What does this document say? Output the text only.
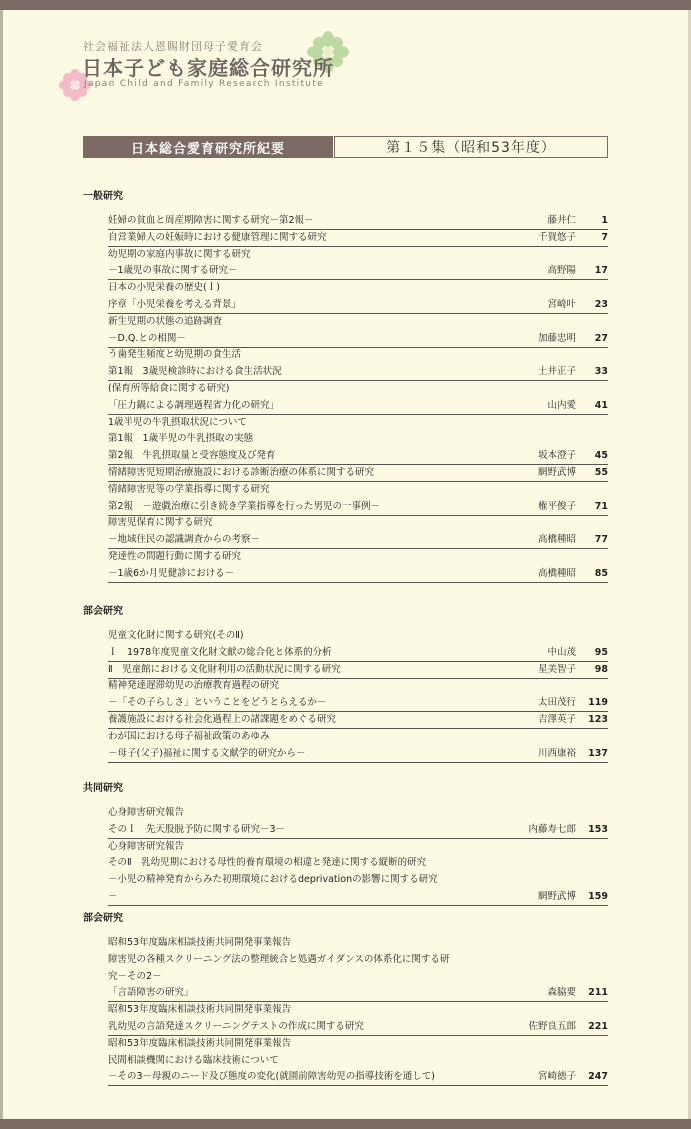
社会福祉法人恩賜財団母子愛育会
日本子ども家庭総合研究所
Japan Child and Family Research Institute
日本総合愛育研究所紀要	第１５集（昭和53年度）
一般研究
妊婦の貧血と周産期障害に関する研究－第2報－	藤井仁	1
自営業婦人の妊娠時における健康管理に関する研究	千賀悠子	7
幼児期の家庭内事故に関する研究
－1歳児の事故に関する研究－	高野陽	17
日本の小児栄養の歴史(Ｉ)
序章「小児栄養を考える背景」	宮崎叶	23
新生児期の状態の追跡調査
－D.Q.との相関－	加藤忠明	27
う歯発生頻度と幼児期の食生活
第1報　3歳児検診時における食生活状況	土井正子	33
(保育所等給食に関する研究)
「圧力鍋による調理過程省力化の研究」	山内愛	41
1歳半児の牛乳摂取状況について
第1報　1歳半児の牛乳摂取の実態
第2報　牛乳摂取量と受容態度及び発育	坂本澄子	45
情緒障害児短期治療施設における診断治療の体系に関する研究	網野武博	55
情緒障害児等の学業指導に関する研究
第2報　－遊戯治療に引き続き学業指導を行った男児の一事例－	権平俊子	71
障害児保育に関する研究
－地域住民の認識調査からの考察－	高橋種昭	77
発達性の問題行動に関する研究
－1歳6か月児健診における－	高橋種昭	85
部会研究
児童文化財に関する研究(そのⅡ)
Ｉ　1978年度児童文化財文献の総合化と体系的分析	中山茂	95
Ⅱ　児童館における文化財利用の活動状況に関する研究	星美智子	98
精神発達遅滞幼児の治療教育過程の研究
－「その子らしさ」ということをどうとらえるか－	太田茂行	119
養護施設における社会化過程上の諸課題をめぐる研究	吉澤英子	123
わが国における母子福祉政策のあゆみ
－母子(父子)福祉に関する文献学的研究から－	川西康裕	137
共同研究
心身障害研究報告
そのＩ　先天股脱予防に関する研究－3－	内藤寿七郎	153
心身障害研究報告
そのⅡ　乳幼児期における母性的養育環境の相違と発達に関する縦断的研究
－小児の精神発育からみた初期環境におけるdeprivationの影響に関する研究
－	網野武博	159
部会研究
昭和53年度臨床相談技術共同開発事業報告
障害児の各種スクリーニング法の整理統合と処遇ガイダンスの体系化に関する研
究－その2－
「言語障害の研究」	森脇要	211
昭和53年度臨床相談技術共同開発事業報告
乳幼児の言語発達スクリーニングテストの作成に関する研究	佐野良五郎	221
昭和53年度臨床相談技術共同開発事業報告
民間相談機関における臨床技術について
－その3－母親のニード及び態度の変化(就園前障害幼児の指導技術を通して)	宮崎徳子	247
